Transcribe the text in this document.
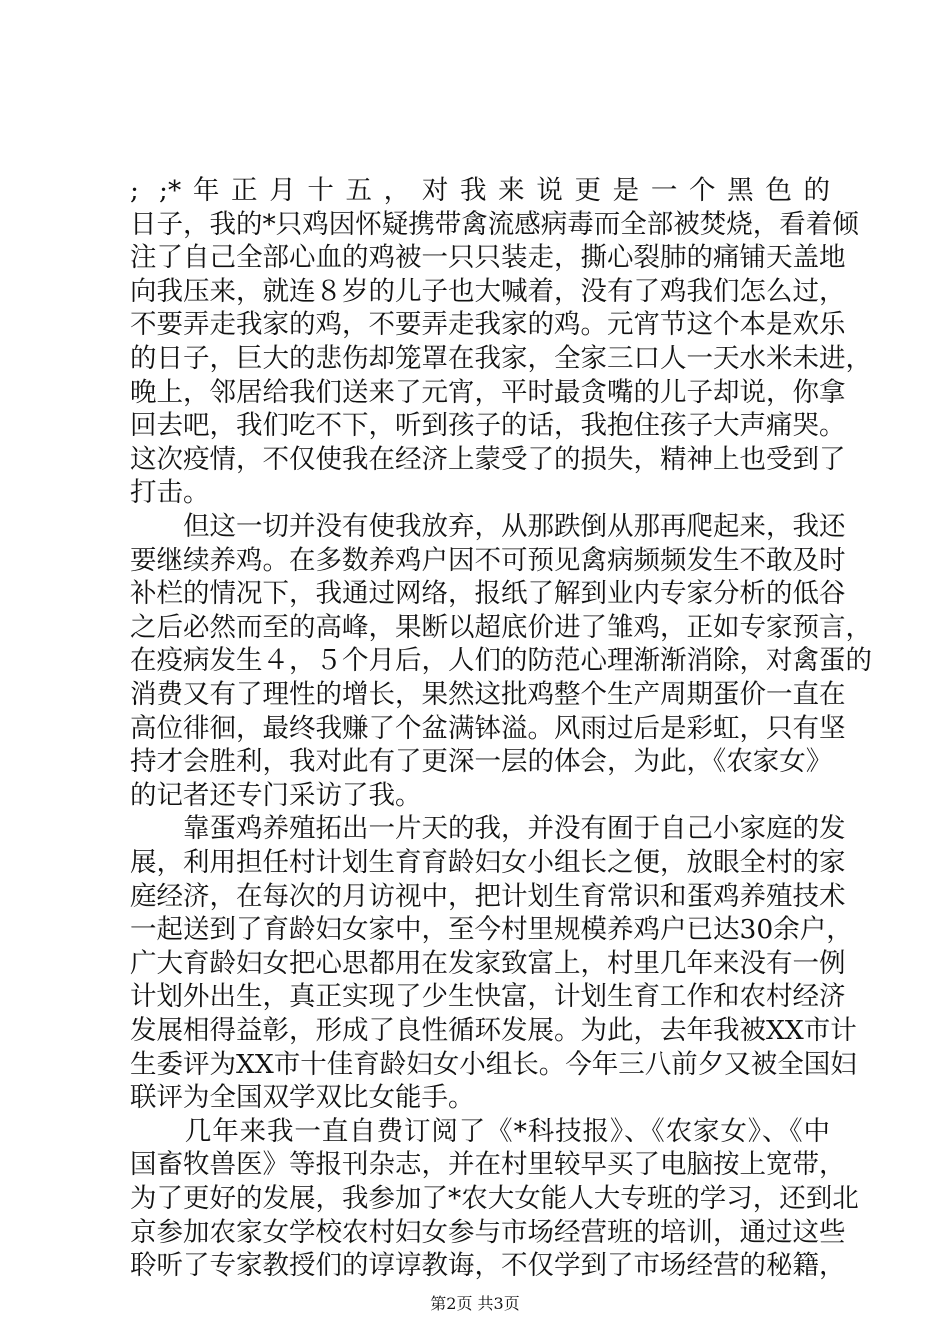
; ;*年正月十五，对我来说更是一个黑色的
日子，我的*只鸡因怀疑携带禽流感病毒而全部被焚烧，看着倾
注了自己全部心血的鸡被一只只装走，撕心裂肺的痛铺天盖地
向我压来，就连８岁的儿子也大喊着，没有了鸡我们怎么过，
不要弄走我家的鸡，不要弄走我家的鸡。元宵节这个本是欢乐
的日子，巨大的悲伤却笼罩在我家，全家三口人一天水米未进，
晚上，邻居给我们送来了元宵，平时最贪嘴的儿子却说，你拿
回去吧，我们吃不下，听到孩子的话，我抱住孩子大声痛哭。
这次疫情，不仅使我在经济上蒙受了的损失，精神上也受到了
打击。
　　但这一切并没有使我放弃，从那跌倒从那再爬起来，我还
要继续养鸡。在多数养鸡户因不可预见禽病频频发生不敢及时
补栏的情况下，我通过网络，报纸了解到业内专家分析的低谷
之后必然而至的高峰，果断以超底价进了雏鸡，正如专家预言，
在疫病发生４，５个月后，人们的防范心理渐渐消除，对禽蛋的
消费又有了理性的增长，果然这批鸡整个生产周期蛋价一直在
高位徘徊，最终我赚了个盆满钵溢。风雨过后是彩虹，只有坚
持才会胜利，我对此有了更深一层的体会，为此，《农家女》
的记者还专门采访了我。
　　靠蛋鸡养殖拓出一片天的我，并没有囿于自己小家庭的发
展，利用担任村计划生育育龄妇女小组长之便，放眼全村的家
庭经济，在每次的月访视中，把计划生育常识和蛋鸡养殖技术
一起送到了育龄妇女家中，至今村里规模养鸡户已达30余户，
广大育龄妇女把心思都用在发家致富上，村里几年来没有一例
计划外出生，真正实现了少生快富，计划生育工作和农村经济
发展相得益彰，形成了良性循环发展。为此，去年我被XX市计
生委评为XX市十佳育龄妇女小组长。今年三八前夕又被全国妇
联评为全国双学双比女能手。
　　几年来我一直自费订阅了《*科技报》、《农家女》、《中
国畜牧兽医》等报刊杂志，并在村里较早买了电脑按上宽带，
为了更好的发展，我参加了*农大女能人大专班的学习，还到北
京参加农家女学校农村妇女参与市场经营班的培训，通过这些
聆听了专家教授们的谆谆教诲，不仅学到了市场经营的秘籍，
第2页 共3页
